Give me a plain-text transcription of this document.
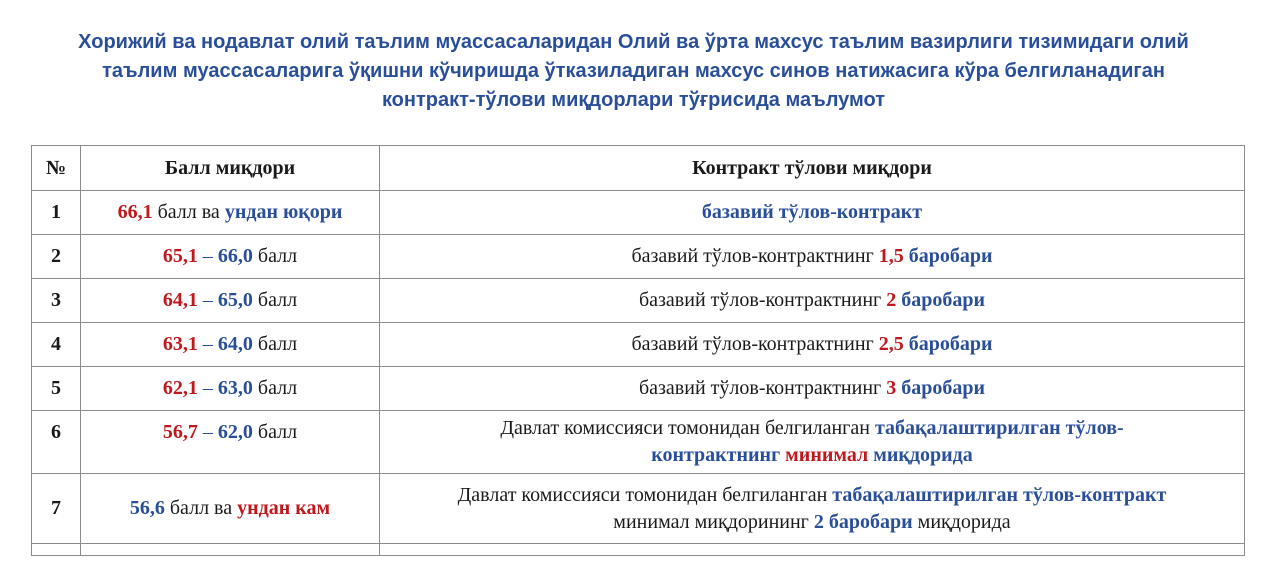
Хорижий ва нодавлат олий таълим муассасаларидан Олий ва ўрта махсус таълим вазирлиги тизимидаги олий
таълим муассасаларига ўқишни кўчиришда ўтказиладиган махсус синов натижасига кўра белгиланадиган
контракт-тўлови миқдорлари тўғрисида маълумот
№	Балл миқдори	Контракт тўлови миқдори
1	66,1 балл ва ундан юқори	базавий тўлов-контракт
2	65,1 – 66,0 балл	базавий тўлов-контрактнинг 1,5 баробари
3	64,1 – 65,0 балл	базавий тўлов-контрактнинг 2 баробари
4	63,1 – 64,0 балл	базавий тўлов-контрактнинг 2,5 баробари
5	62,1 – 63,0 балл	базавий тўлов-контрактнинг 3 баробари
6	56,7 – 62,0 балл	Давлат комиссияси томонидан белгиланган табақалаштирилган тўлов-контрактнинг минимал миқдорида
7	56,6 балл ва ундан кам	Давлат комиссияси томонидан белгиланган табақалаштирилган тўлов-контракт
минимал миқдорининг 2 баробари миқдорида
